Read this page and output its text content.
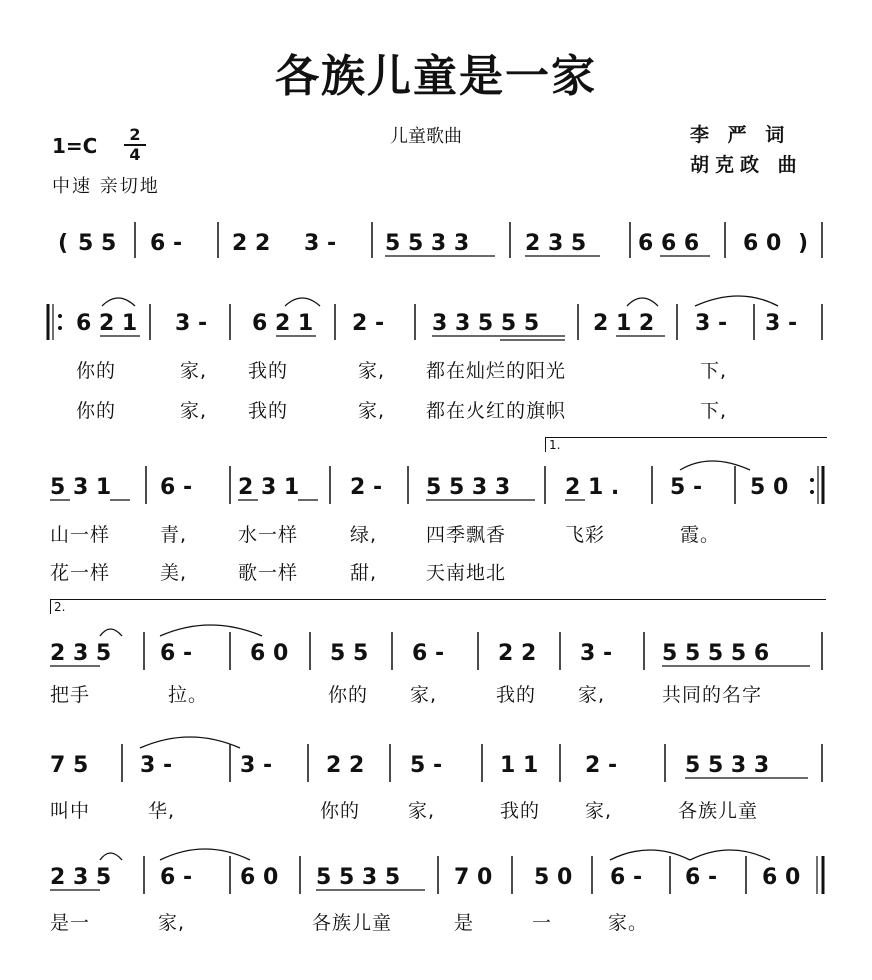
各族儿童是一家
儿童歌曲	李 严 词
胡克政 曲
$1=C \frac{2}{4}$
中速 亲切地
( 5 5 6 - 2 2 3 - 5 5 3 3	2 3 5 6 6 6 6 0 )
6 2 1 3 - 6 2 1 2 - 3 3 5 5 5 2 1 2 3 - 3 -
你的	家, 我的	家, 都在灿烂的阳光	下,
你的	家, 我的	家, 都在火红的旗帜	下,
1.
5 3 1 6 - 2 3 1 2 - 5 5 3 3 2 1 . 5 - 5 0
山一样	青,	水一样	绿,	四季飘香	飞彩	霞。
花一样	美,	歌一样	甜,	天南地北
2.
2 3 5 6 -	6 0 5 5 6 - 2 2 3 - 5 5 5 5 6
把手	拉。	你的 家,	我的 家,	共同的名字
7 5 3 -	3 - 2 2 5 -	1 1 2 -	5 5 3 3
叫中	华,	你的	家,	我的 家,	各族儿童
2 3 5 6 - 6 0 5 5 3 5 7 0 5 0 6 - 6 - 6 0
是一	家,	各族儿童	是	一	家。
